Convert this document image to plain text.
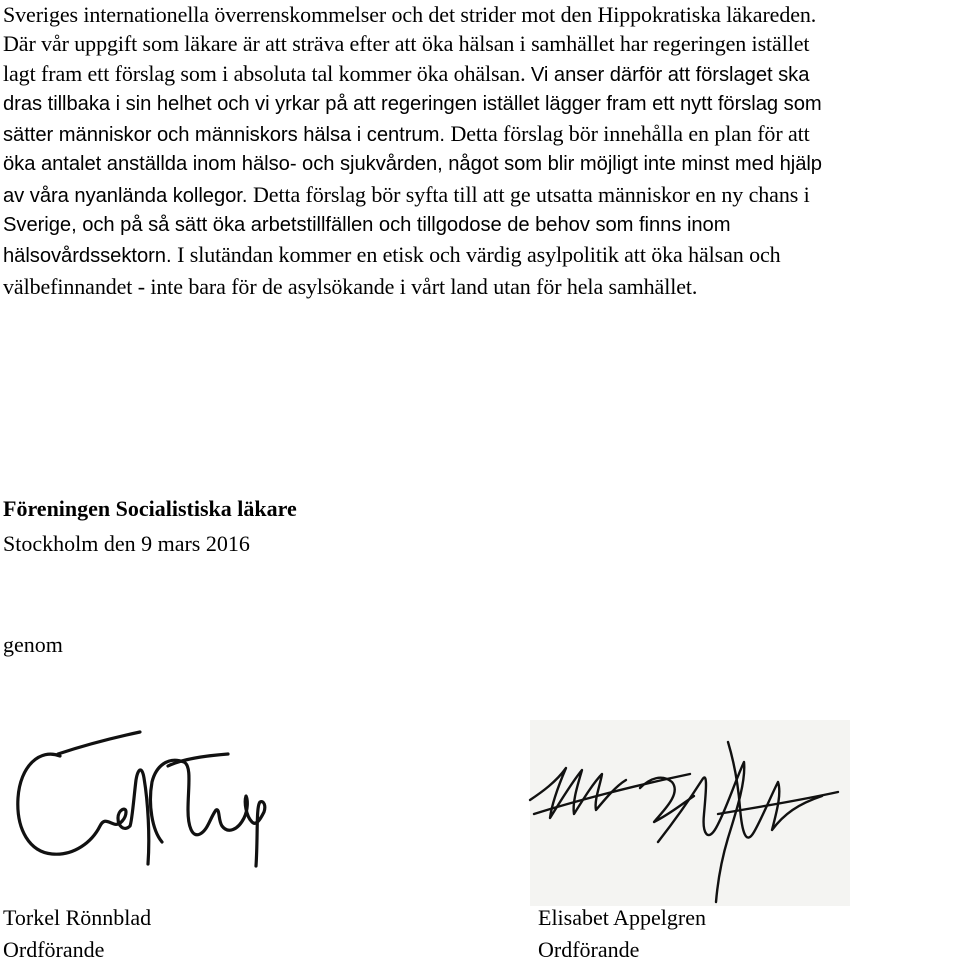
Sveriges internationella överrenskommelser och det strider mot den Hippokratiska läkareden.
Där vår uppgift som läkare är att sträva efter att öka hälsan i samhället har regeringen istället
lagt fram ett förslag som i absoluta tal kommer öka ohälsan. Vi anser därför att förslaget ska
dras tillbaka i sin helhet och vi yrkar på att regeringen istället lägger fram ett nytt förslag som
sätter människor och människors hälsa i centrum. Detta förslag bör innehålla en plan för att
öka antalet anställda inom hälso- och sjukvården, något som blir möjligt inte minst med hjälp
av våra nyanlända kollegor. Detta förslag bör syfta till att ge utsatta människor en ny chans i
Sverige, och på så sätt öka arbetstillfällen och tillgodose de behov som finns inom
hälsovårdssektorn. I slutändan kommer en etisk och värdig asylpolitik att öka hälsan och
välbefinnandet - inte bara för de asylsökande i vårt land utan för hela samhället.

Föreningen Socialistiska läkare

Stockholm den 9 mars 2016

genom

Torkel Rönnblad
Ordförande

Elisabet Appelgren
Ordförande
